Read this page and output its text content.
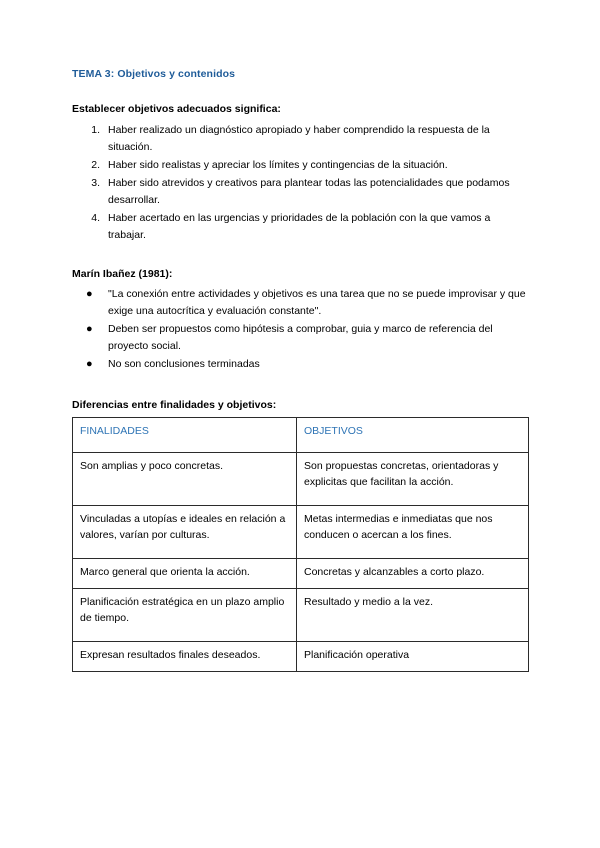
TEMA 3: Objetivos y contenidos
Establecer objetivos adecuados significa:
1. Haber realizado un diagnóstico apropiado y haber comprendido la respuesta de la situación.
2. Haber sido realistas y apreciar los límites y contingencias de la situación.
3. Haber sido atrevidos y creativos para plantear todas las potencialidades que podamos desarrollar.
4. Haber acertado en las urgencias y prioridades de la población con la que vamos a trabajar.
Marín Ibañez (1981):
● "La conexión entre actividades y objetivos es una tarea que no se puede improvisar y que exige una autocrítica y evaluación constante".
● Deben ser propuestos como hipótesis a comprobar, guia y marco de referencia del proyecto social.
● No son conclusiones terminadas
Diferencias entre finalidades y objetivos:
FINALIDADES	OBJETIVOS
Son amplias y poco concretas.	Son propuestas concretas, orientadoras y explicitas que facilitan la acción.
Vinculadas a utopías e ideales en relación a valores, varían por culturas.	Metas intermedias e inmediatas que nos conducen o acercan a los fines.
Marco general que orienta la acción.	Concretas y alcanzables a corto plazo.
Planificación estratégica en un plazo amplio de tiempo.	Resultado y medio a la vez.
Expresan resultados finales deseados.	Planificación operativa
